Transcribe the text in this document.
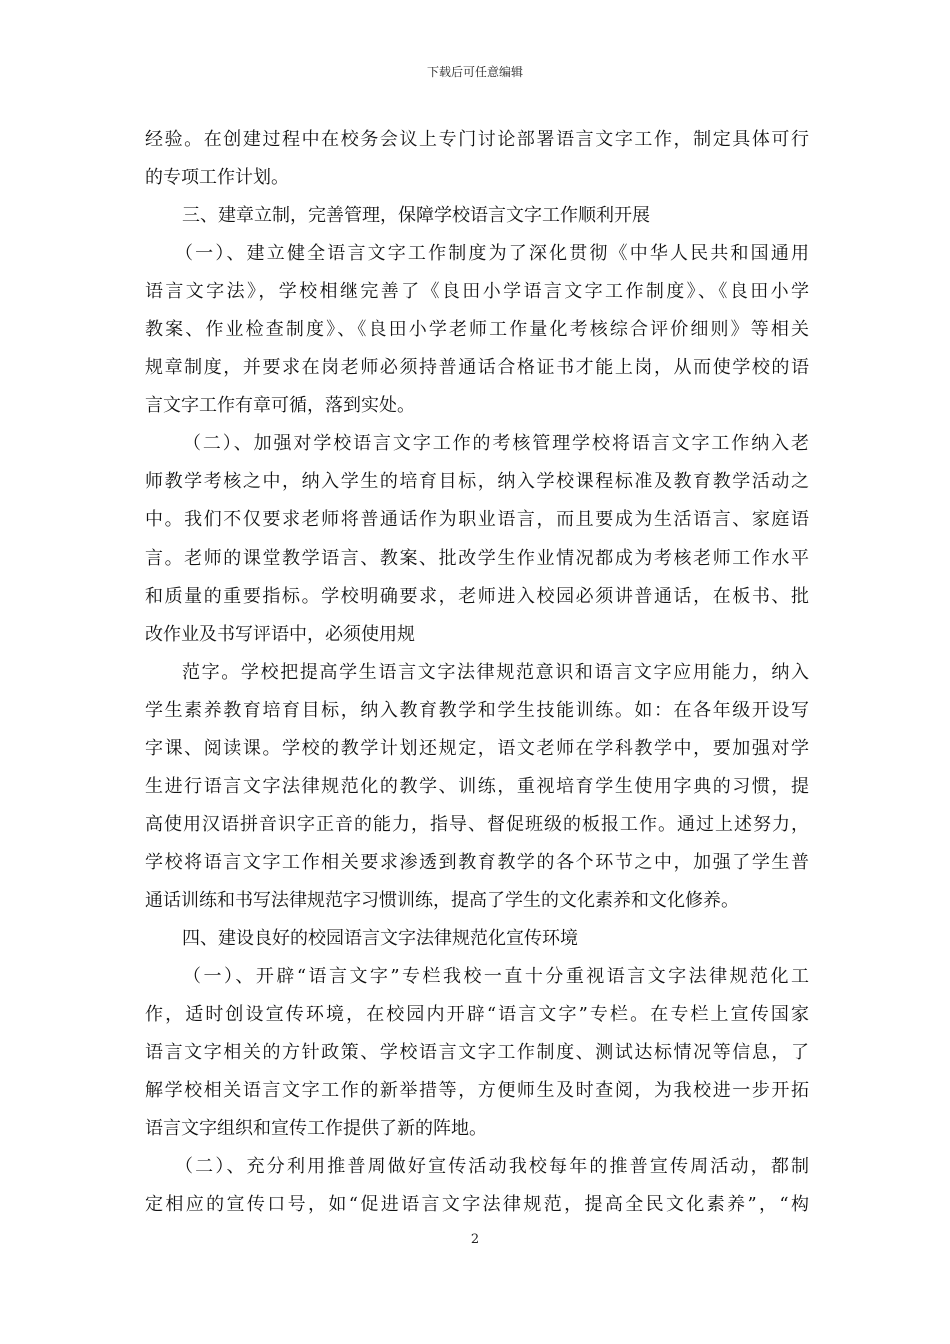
下载后可任意编辑
经验。在创建过程中在校务会议上专门讨论部署语言文字工作，制定具体可行
的专项工作计划。
三、建章立制，完善管理，保障学校语言文字工作顺利开展
（一）、建立健全语言文字工作制度为了深化贯彻《中华人民共和国通用
语言文字法》，学校相继完善了《良田小学语言文字工作制度》、《良田小学
教案、作业检查制度》、《良田小学老师工作量化考核综合评价细则》等相关
规章制度，并要求在岗老师必须持普通话合格证书才能上岗，从而使学校的语
言文字工作有章可循，落到实处。
（二）、加强对学校语言文字工作的考核管理学校将语言文字工作纳入老
师教学考核之中，纳入学生的培育目标，纳入学校课程标准及教育教学活动之
中。我们不仅要求老师将普通话作为职业语言，而且要成为生活语言、家庭语
言。老师的课堂教学语言、教案、批改学生作业情况都成为考核老师工作水平
和质量的重要指标。学校明确要求，老师进入校园必须讲普通话，在板书、批
改作业及书写评语中，必须使用规
范字。学校把提高学生语言文字法律规范意识和语言文字应用能力，纳入
学生素养教育培育目标，纳入教育教学和学生技能训练。如：在各年级开设写
字课、阅读课。学校的教学计划还规定，语文老师在学科教学中，要加强对学
生进行语言文字法律规范化的教学、训练，重视培育学生使用字典的习惯，提
高使用汉语拼音识字正音的能力，指导、督促班级的板报工作。通过上述努力，
学校将语言文字工作相关要求渗透到教育教学的各个环节之中，加强了学生普
通话训练和书写法律规范字习惯训练，提高了学生的文化素养和文化修养。
四、建设良好的校园语言文字法律规范化宣传环境
（一）、开辟“语言文字”专栏我校一直十分重视语言文字法律规范化工
作，适时创设宣传环境，在校园内开辟“语言文字”专栏。在专栏上宣传国家
语言文字相关的方针政策、学校语言文字工作制度、测试达标情况等信息，了
解学校相关语言文字工作的新举措等，方便师生及时查阅，为我校进一步开拓
语言文字组织和宣传工作提供了新的阵地。
（二）、充分利用推普周做好宣传活动我校每年的推普宣传周活动，都制
定相应的宣传口号，如“促进语言文字法律规范，提高全民文化素养”，“构
2
